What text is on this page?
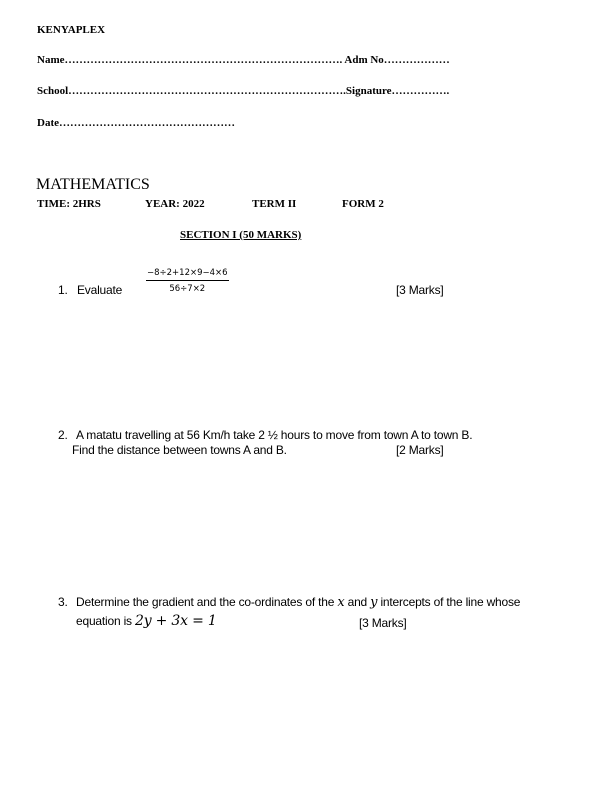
KENYAPLEX
Name…………………………………………………………………. Adm No………………
School………………………………………………………………….Signature…………….
Date…………………………………………
MATHEMATICS
TIME: 2HRS	YEAR: 2022	TERM II	FORM 2
SECTION I (50 MARKS)
1. Evaluate	$\frac{-8\div 2+12\times 9-4\times 6}{56\div 7\times 2}$	[3 Marks]
2. A matatu travelling at 56 Km/h take 2 ½ hours to move from town A to town B.
Find the distance between towns A and B.	[2 Marks]
3. Determine the gradient and the co-ordinates of the x and y intercepts of the line whose
equation is 2y + 3x = 1	[3 Marks]
